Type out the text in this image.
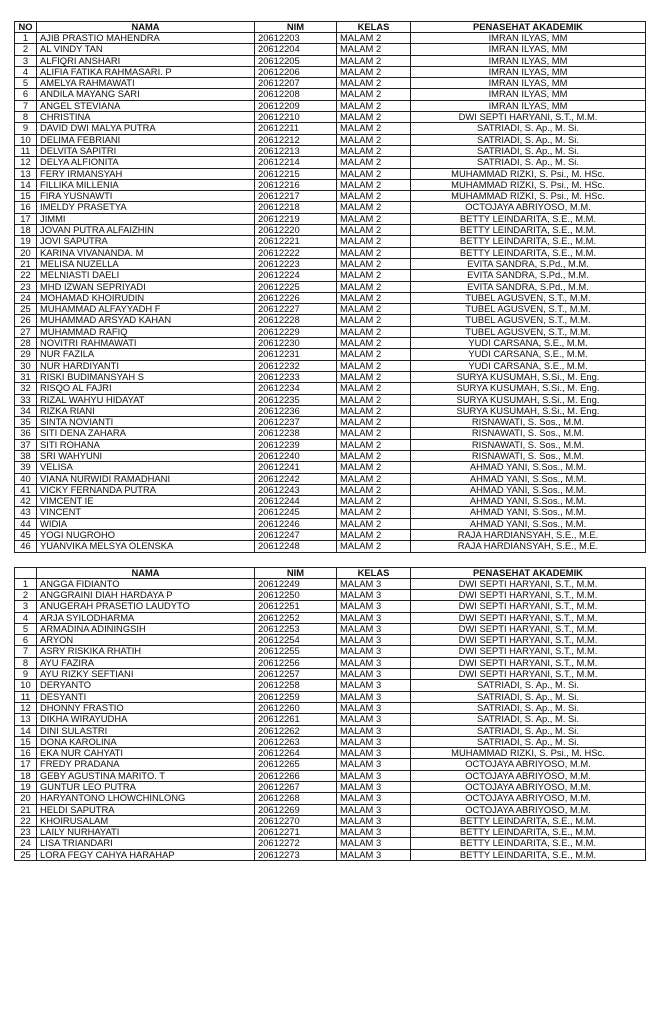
NO	NAMA	NIM	KELAS	PENASEHAT AKADEMIK
1	AJIB PRASTIO MAHENDRA	20612203	MALAM 2	IMRAN ILYAS, MM
2	AL VINDY TAN	20612204	MALAM 2	IMRAN ILYAS, MM
3	ALFIQRI ANSHARI	20612205	MALAM 2	IMRAN ILYAS, MM
4	ALIFIA FATIKA RAHMASARI. P	20612206	MALAM 2	IMRAN ILYAS, MM
5	AMELYA RAHMAWATI	20612207	MALAM 2	IMRAN ILYAS, MM
6	ANDILA MAYANG SARI	20612208	MALAM 2	IMRAN ILYAS, MM
7	ANGEL STEVIANA	20612209	MALAM 2	IMRAN ILYAS, MM
8	CHRISTINA	20612210	MALAM 2	DWI SEPTI HARYANI, S.T., M.M.
9	DAVID DWI MALYA PUTRA	20612211	MALAM 2	SATRIADI, S. Ap., M. Si.
10	DELIMA FEBRIANI	20612212	MALAM 2	SATRIADI, S. Ap., M. Si.
11	DELVITA SAPITRI	20612213	MALAM 2	SATRIADI, S. Ap., M. Si.
12	DELYA ALFIONITA	20612214	MALAM 2	SATRIADI, S. Ap., M. Si.
13	FERY IRMANSYAH	20612215	MALAM 2	MUHAMMAD RIZKI, S. Psi., M. HSc.
14	FILLIKA MILLENIA	20612216	MALAM 2	MUHAMMAD RIZKI, S. Psi., M. HSc.
15	FIRA YUSNAWTI	20612217	MALAM 2	MUHAMMAD RIZKI, S. Psi., M. HSc.
16	IMELDY PRASETYA	20612218	MALAM 2	OCTOJAYA ABRIYOSO, M.M.
17	JIMMI	20612219	MALAM 2	BETTY LEINDARITA, S.E., M.M.
18	JOVAN PUTRA ALFAIZHIN	20612220	MALAM 2	BETTY LEINDARITA, S.E., M.M.
19	JOVI SAPUTRA	20612221	MALAM 2	BETTY LEINDARITA, S.E., M.M.
20	KARINA VIVANANDA. M	20612222	MALAM 2	BETTY LEINDARITA, S.E., M.M.
21	MELISA NUZELLA	20612223	MALAM 2	EVITA SANDRA, S.Pd., M.M.
22	MELNIASTI DAELI	20612224	MALAM 2	EVITA SANDRA, S.Pd., M.M.
23	MHD IZWAN SEPRIYADI	20612225	MALAM 2	EVITA SANDRA, S.Pd., M.M.
24	MOHAMAD KHOIRUDIN	20612226	MALAM 2	TUBEL AGUSVEN, S.T., M.M.
25	MUHAMMAD ALFAYYADH F	20612227	MALAM 2	TUBEL AGUSVEN, S.T., M.M.
26	MUHAMMAD ARSYAD KAHAN	20612228	MALAM 2	TUBEL AGUSVEN, S.T., M.M.
27	MUHAMMAD RAFIQ	20612229	MALAM 2	TUBEL AGUSVEN, S.T., M.M.
28	NOVITRI RAHMAWATI	20612230	MALAM 2	YUDI CARSANA, S.E., M.M.
29	NUR FAZILA	20612231	MALAM 2	YUDI CARSANA, S.E., M.M.
30	NUR HARDIYANTI	20612232	MALAM 2	YUDI CARSANA, S.E., M.M.
31	RISKI BUDIMANSYAH S	20612233	MALAM 2	SURYA KUSUMAH, S.Si., M. Eng.
32	RISQO AL FAJRI	20612234	MALAM 2	SURYA KUSUMAH, S.Si., M. Eng.
33	RIZAL WAHYU HIDAYAT	20612235	MALAM 2	SURYA KUSUMAH, S.Si., M. Eng.
34	RIZKA RIANI	20612236	MALAM 2	SURYA KUSUMAH, S.Si., M. Eng.
35	SINTA NOVIANTI	20612237	MALAM 2	RISNAWATI, S. Sos., M.M.
36	SITI DENA ZAHARA	20612238	MALAM 2	RISNAWATI, S. Sos., M.M.
37	SITI ROHANA	20612239	MALAM 2	RISNAWATI, S. Sos., M.M.
38	SRI WAHYUNI	20612240	MALAM 2	RISNAWATI, S. Sos., M.M.
39	VELISA	20612241	MALAM 2	AHMAD YANI, S.Sos., M.M.
40	VIANA NURWIDI RAMADHANI	20612242	MALAM 2	AHMAD YANI, S.Sos., M.M.
41	VICKY FERNANDA PUTRA	20612243	MALAM 2	AHMAD YANI, S.Sos., M.M.
42	VIMCENT IE	20612244	MALAM 2	AHMAD YANI, S.Sos., M.M.
43	VINCENT	20612245	MALAM 2	AHMAD YANI, S.Sos., M.M.
44	WIDIA	20612246	MALAM 2	AHMAD YANI, S.Sos., M.M.
45	YOGI NUGROHO	20612247	MALAM 2	RAJA HARDIANSYAH, S.E., M.E.
46	YUANVIKA MELSYA OLENSKA	20612248	MALAM 2	RAJA HARDIANSYAH, S.E., M.E.
	NAMA	NIM	KELAS	PENASEHAT AKADEMIK
1	ANGGA FIDIANTO	20612249	MALAM 3	DWI SEPTI HARYANI, S.T., M.M.
2	ANGGRAINI DIAH HARDAYA P	20612250	MALAM 3	DWI SEPTI HARYANI, S.T., M.M.
3	ANUGERAH PRASETIO LAUDYTO	20612251	MALAM 3	DWI SEPTI HARYANI, S.T., M.M.
4	ARJA SYILODHARMA	20612252	MALAM 3	DWI SEPTI HARYANI, S.T., M.M.
5	ARMADINA ADININGSIH	20612253	MALAM 3	DWI SEPTI HARYANI, S.T., M.M.
6	ARYON	20612254	MALAM 3	DWI SEPTI HARYANI, S.T., M.M.
7	ASRY RISKIKA RHATIH	20612255	MALAM 3	DWI SEPTI HARYANI, S.T., M.M.
8	AYU FAZIRA	20612256	MALAM 3	DWI SEPTI HARYANI, S.T., M.M.
9	AYU RIZKY SEFTIANI	20612257	MALAM 3	DWI SEPTI HARYANI, S.T., M.M.
10	DERYANTO	20612258	MALAM 3	SATRIADI, S. Ap., M. Si.
11	DESYANTI	20612259	MALAM 3	SATRIADI, S. Ap., M. Si.
12	DHONNY FRASTIO	20612260	MALAM 3	SATRIADI, S. Ap., M. Si.
13	DIKHA WIRAYUDHA	20612261	MALAM 3	SATRIADI, S. Ap., M. Si.
14	DINI SULASTRI	20612262	MALAM 3	SATRIADI, S. Ap., M. Si.
15	DONA KAROLINA	20612263	MALAM 3	SATRIADI, S. Ap., M. Si.
16	EKA NUR CAHYATI	20612264	MALAM 3	MUHAMMAD RIZKI, S. Psi., M. HSc.
17	FREDY PRADANA	20612265	MALAM 3	OCTOJAYA ABRIYOSO, M.M.
18	GEBY AGUSTINA MARITO. T	20612266	MALAM 3	OCTOJAYA ABRIYOSO, M.M.
19	GUNTUR LEO PUTRA	20612267	MALAM 3	OCTOJAYA ABRIYOSO, M.M.
20	HARYANTONO LHOWCHINLONG	20612268	MALAM 3	OCTOJAYA ABRIYOSO, M.M.
21	HELDI SAPUTRA	20612269	MALAM 3	OCTOJAYA ABRIYOSO, M.M.
22	KHOIRUSALAM	20612270	MALAM 3	BETTY LEINDARITA, S.E., M.M.
23	LAILY NURHAYATI	20612271	MALAM 3	BETTY LEINDARITA, S.E., M.M.
24	LISA TRIANDARI	20612272	MALAM 3	BETTY LEINDARITA, S.E., M.M.
25	LORA FEGY CAHYA HARAHAP	20612273	MALAM 3	BETTY LEINDARITA, S.E., M.M.
